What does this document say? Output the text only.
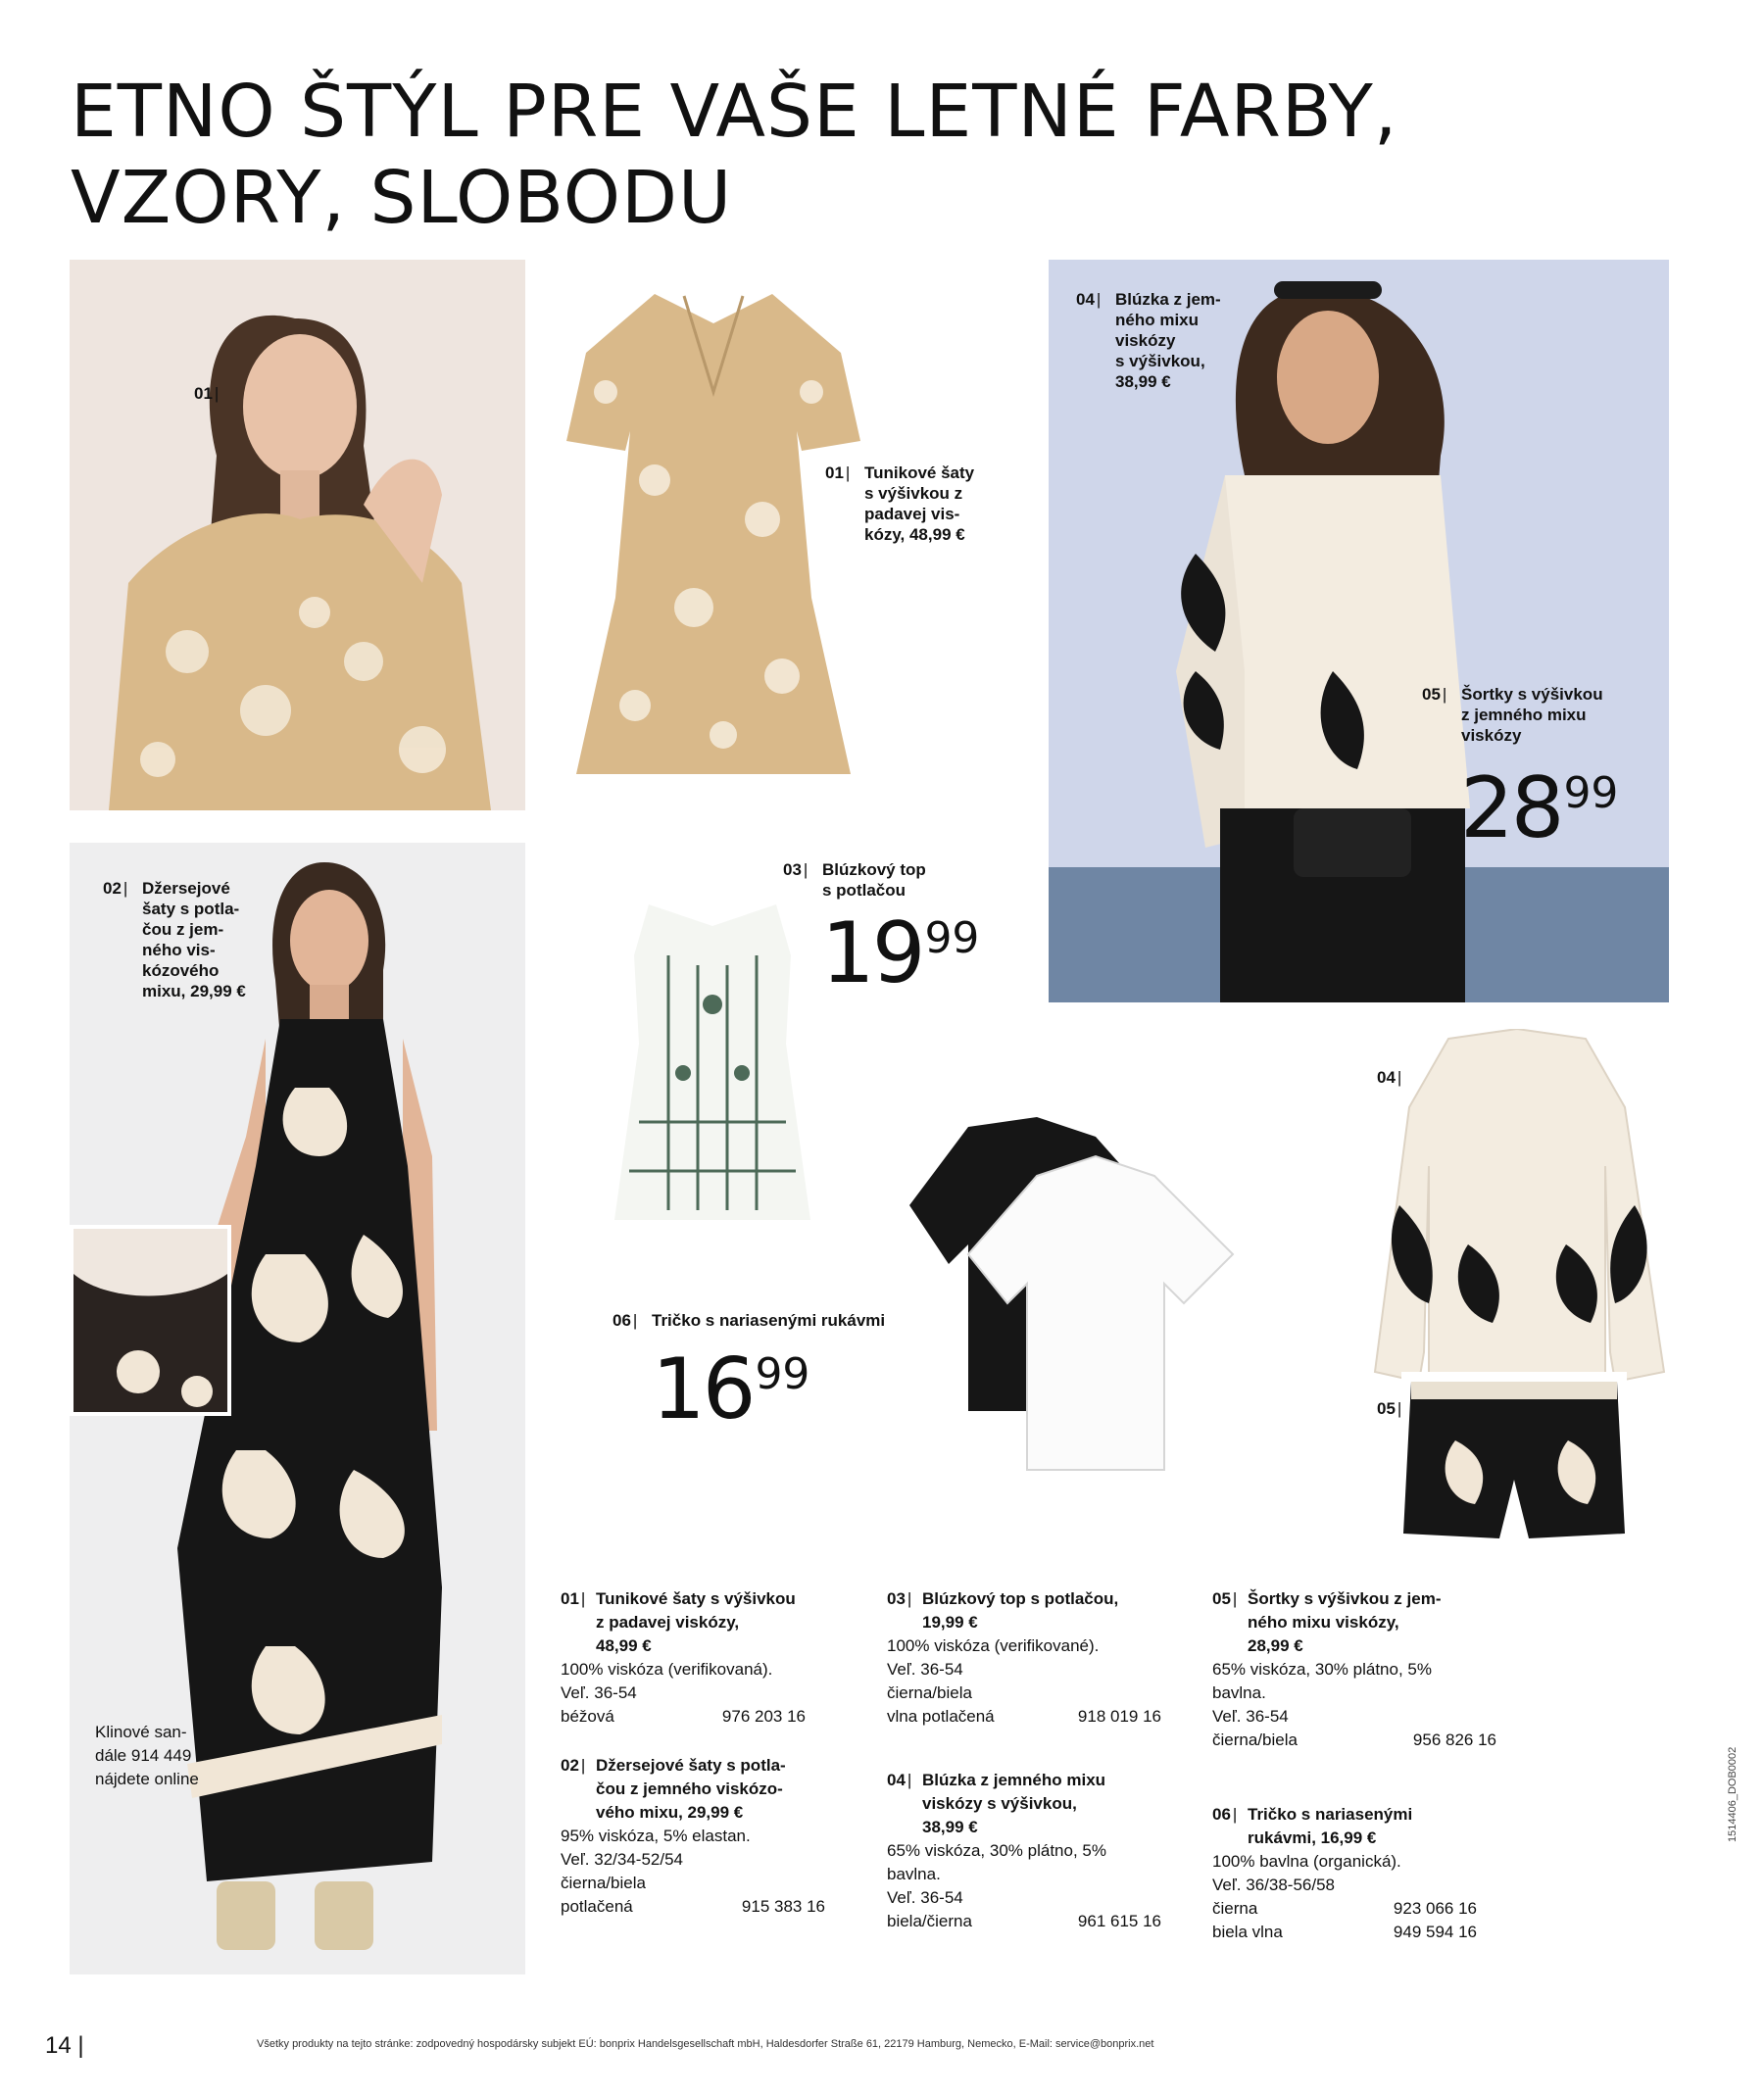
ETNO ŠTÝL PRE VAŠE LETNÉ FARBY,
VZORY, SLOBODU
01 |
01 | Tunikové šaty
s výšivkou z
padavej vis-
kózy, 48,99 €
04 | Blúzka z jem-
ného mixu
viskózy
s výšivkou,
38,99 €
05 | Šortky s výšivkou
z jemného mixu
viskózy
2899
02 | Džersejové
šaty s potla-
čou z jem-
ného vis-
kózového
mixu, 29,99 €
Klinové san-
dále 914 449
nájdete online
03 | Blúzkový top
s potlačou
1999
06 | Tričko s nariasenými rukávmi
1699
04 |
05 |
01 |	Tunikové šaty s výšivkou
z padavej viskózy,
48,99 €
100% viskóza (verifikovaná).
Veľ. 36-54
béžová	976 203 16
02 |	Džersejové šaty s potla-
čou z jemného viskózo-
vého mixu, 29,99 €
95% viskóza, 5% elastan.
Veľ. 32/34-52/54
čierna/biela
potlačená	915 383 16
03 |	Blúzkový top s potlačou,
19,99 €
100% viskóza (verifikované).
Veľ. 36-54
čierna/biela
vlna potlačená	918 019 16
04 |	Blúzka z jemného mixu
viskózy s výšivkou,
38,99 €
65% viskóza, 30% plátno, 5%
bavlna.
Veľ. 36-54
biela/čierna	961 615 16
05 |	Šortky s výšivkou z jem-
ného mixu viskózy,
28,99 €
65% viskóza, 30% plátno, 5%
bavlna.
Veľ. 36-54
čierna/biela	956 826 16
06 |	Tričko s nariasenými
rukávmi, 16,99 €
100% bavlna (organická).
Veľ. 36/38-56/58
čierna	923 066 16
biela vlna	949 594 16
14 |	Všetky produkty na tejto stránke: zodpovedný hospodársky subjekt EÚ: bonprix Handelsgesellschaft mbH, Haldesdorfer Straße 61, 22179 Hamburg, Nemecko, E-Mail: service@bonprix.net
1514406_DOB0002
